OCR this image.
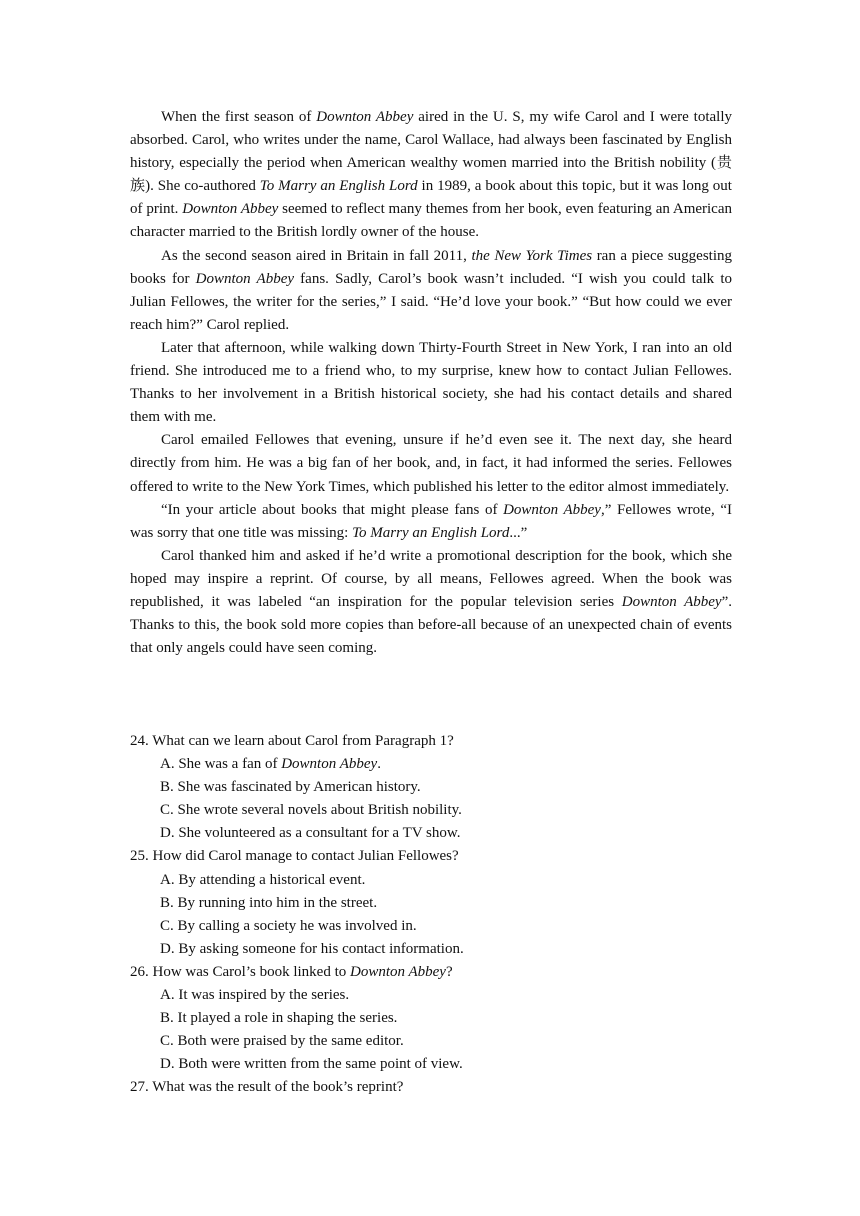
When the first season of Downton Abbey aired in the U. S, my wife Carol and I were totally absorbed. Carol, who writes under the name, Carol Wallace, had always been fascinated by English history, especially the period when American wealthy women married into the British nobility (贵族). She co-authored To Marry an English Lord in 1989, a book about this topic, but it was long out of print. Downton Abbey seemed to reflect many themes from her book, even featuring an American character married to the British lordly owner of the house.

As the second season aired in Britain in fall 2011, the New York Times ran a piece suggesting books for Downton Abbey fans. Sadly, Carol’s book wasn’t included. “I wish you could talk to Julian Fellowes, the writer for the series,” I said. “He’d love your book.” “But how could we ever reach him?” Carol replied.

Later that afternoon, while walking down Thirty-Fourth Street in New York, I ran into an old friend. She introduced me to a friend who, to my surprise, knew how to contact Julian Fellowes. Thanks to her involvement in a British historical society, she had his contact details and shared them with me.

Carol emailed Fellowes that evening, unsure if he’d even see it. The next day, she heard directly from him. He was a big fan of her book, and, in fact, it had informed the series. Fellowes offered to write to the New York Times, which published his letter to the editor almost immediately.

“In your article about books that might please fans of Downton Abbey,” Fellowes wrote, “I was sorry that one title was missing: To Marry an English Lord...”

Carol thanked him and asked if he’d write a promotional description for the book, which she hoped may inspire a reprint. Of course, by all means, Fellowes agreed. When the book was republished, it was labeled “an inspiration for the popular television series Downton Abbey”. Thanks to this, the book sold more copies than before-all because of an unexpected chain of events that only angels could have seen coming.

24. What can we learn about Carol from Paragraph 1?

A. She was a fan of Downton Abbey.

B. She was fascinated by American history.

C. She wrote several novels about British nobility.

D. She volunteered as a consultant for a TV show.

25. How did Carol manage to contact Julian Fellowes?

A. By attending a historical event.

B. By running into him in the street.

C. By calling a society he was involved in.

D. By asking someone for his contact information.

26. How was Carol’s book linked to Downton Abbey?

A. It was inspired by the series.

B. It played a role in shaping the series.

C. Both were praised by the same editor.

D. Both were written from the same point of view.

27. What was the result of the book’s reprint?
